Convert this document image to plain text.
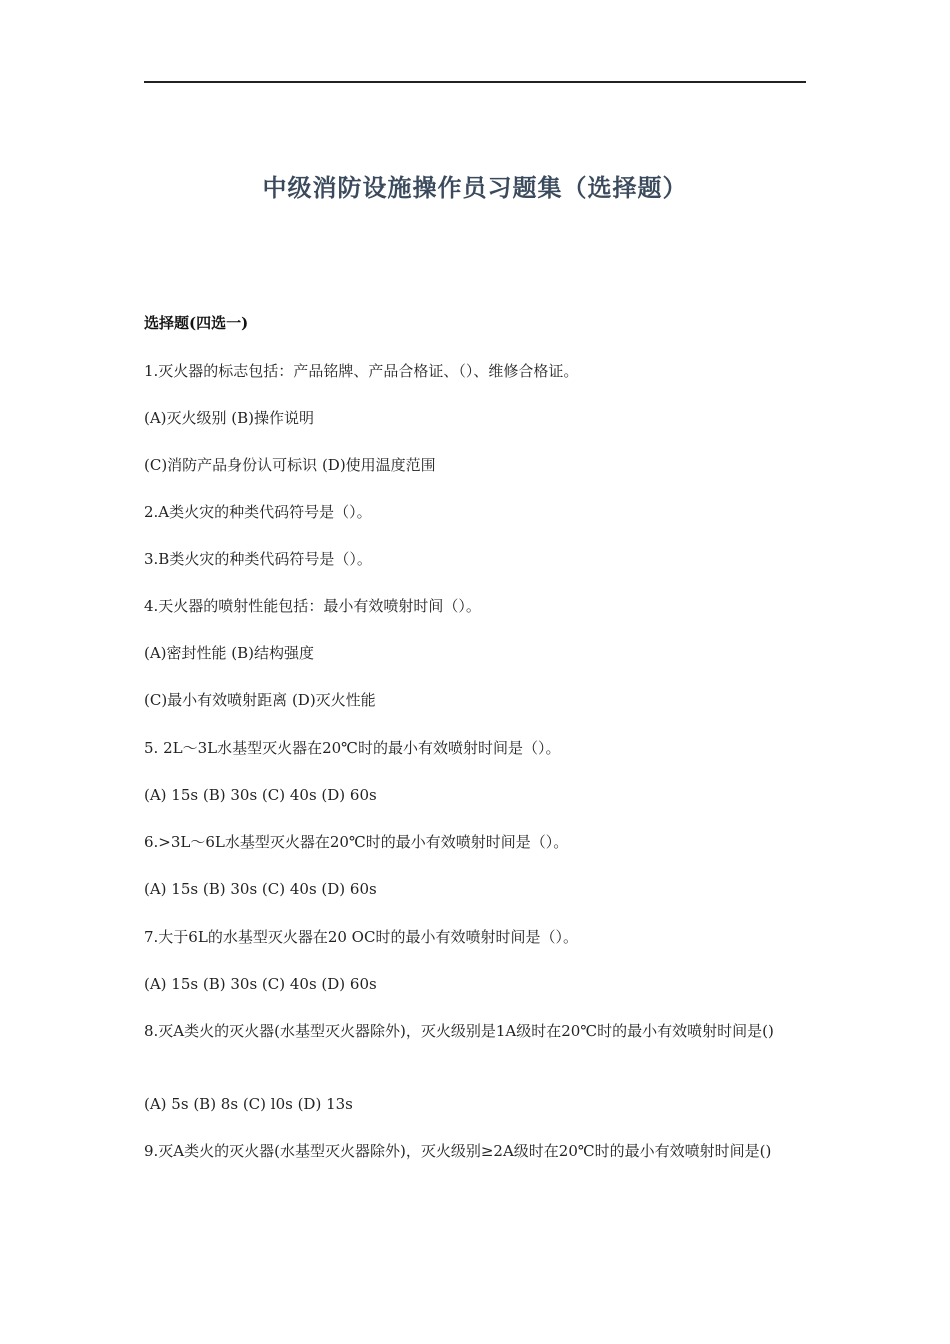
中级消防设施操作员习题集（选择题）
选择题(四选一)
1.灭火器的标志包括：产品铭牌、产品合格证、（）、维修合格证。
(A)灭火级别 (B)操作说明
(C)消防产品身份认可标识 (D)使用温度范围
2.A类火灾的种类代码符号是（）。
3.B类火灾的种类代码符号是（）。
4.天火器的喷射性能包括：最小有效喷射时间（）。
(A)密封性能 (B)结构强度
(C)最小有效喷射距离 (D)灭火性能
5. 2L～3L水基型灭火器在20℃时的最小有效喷射时间是（）。
(A) 15s (B) 30s (C) 40s (D) 60s
6.>3L～6L水基型灭火器在20℃时的最小有效喷射时间是（）。
(A) 15s (B) 30s (C) 40s (D) 60s
7.大于6L的水基型灭火器在20 OC时的最小有效喷射时间是（）。
(A) 15s (B) 30s (C) 40s (D) 60s
8.灭A类火的灭火器(水基型灭火器除外)，灭火级别是1A级时在20℃时的最小有效喷射时间是()
(A) 5s (B) 8s (C) l0s (D) 13s
9.灭A类火的灭火器(水基型灭火器除外)，灭火级别≥2A级时在20℃时的最小有效喷射时间是()
